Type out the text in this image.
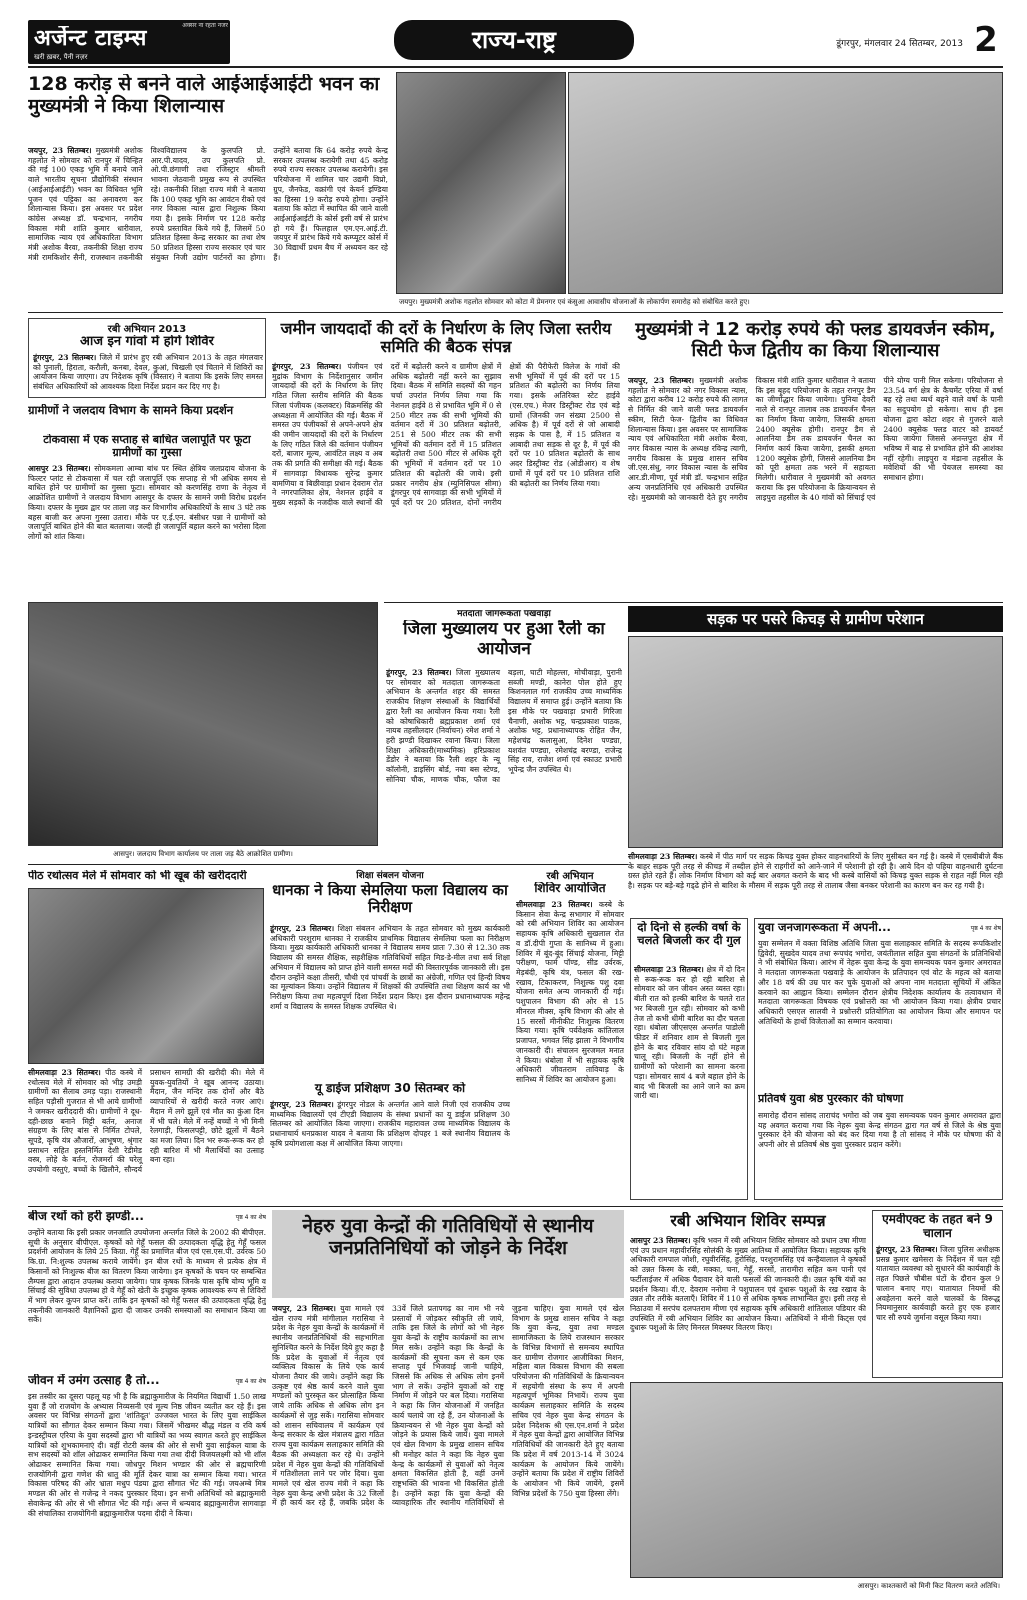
अक्सर ना रहता नजर
अर्जेन्ट टाइम्स
खरी ख़बर, पैनी नज़र
राज्य-राष्ट्र	डूंगरपुर, मंगलवार 24 सितम्बर, 2013 2
128 करोड़ से बनने वाले आईआईआईटी भवन का मुख्यमंत्री ने किया शिलान्यास
जयपुर, 23 सितम्बर। मुख्यमंत्री अशोक गहलोत ने सोमवार को रानपुर में चिन्हित की गई 100 एकड़ भूमि में बनाये जाने वाले भारतीय सूचना प्रौद्योगिकी संस्थान (आईआईआईटी) भवन का विधिवत भूमि पूजन एवं पट्टिका का अनावरण कर शिलान्यास किया। इस अवसर पर प्रदेश कांग्रेस अध्यक्ष डॉ. चन्द्रभान, नगरीय विकास मंत्री शांति कुमार धारीवाल, सामाजिक न्याय एवं अधिकारिता विभाग मंत्री अशोक बैरवा, तकनीकी शिक्षा राज्य मंत्री रामकिशोर सैनी, राजस्थान तकनीकी विश्वविद्यालय के कुलपति प्रो. आर.पी.यादव, उप कुलपति प्रो. ओ.पी.छंगाणी तथा रजिस्ट्रार श्रीमती भावना जेठवानी प्रमुख रूप से उपस्थित रहे। तकनीकी शिक्षा राज्य मंत्री ने बताया कि 100 एकड़ भूमि का आवंटन रीको एवं नगर विकास न्यास द्वारा निशुल्क किया गया है। इसके निर्माण पर 128 करोड़ रुपये प्रस्तावित किये गये हैं, जिसमें 50 प्रतिशत हिस्सा केन्द्र सरकार का तथा शेष 50 प्रतिशत हिस्सा राज्य सरकार एवं चार संयुक्त निजी उद्योग पार्टनरों का होगा। उन्होंने बताया कि 64 करोड़ रुपये केन्द्र सरकार उपलब्ध करायेगी तथा 45 करोड़ रुपये राज्य सरकार उपलब्ध करायेगी। इस परियोजना में शामिल चार उद्यमी विप्रो, ग्रुप, जैनफेड, वक्रांगी एवं केयर्न इण्डिया का हिस्सा 19 करोड़ रुपये होगा। उन्होंने बताया कि कोटा में स्थापित की जाने वाली आईआईआईटी के कोर्स इसी वर्ष से प्रारंभ हो गये हैं। फिलहाल एम.एन.आई.टी. जयपुर में प्रारंभ किये गये कम्प्यूटर कोर्स में 30 विद्यार्थी प्रथम बैच में अध्ययन कर रहे हैं।
जयपुर। मुख्यमंत्री अशोक गहलोत सोमवार को कोटा में प्रेमनगर एवं कंसुआ आवासीय योजनाओं के लोकार्पण समारोह को संबोधित करते हुए।
रबी अभियान 2013
आज इन गांवों में होगें शिविर
डूंगरपुर, 23 सितम्बर। जिले में प्रारंभ हुए रबी अभियान 2013 के तहत मंगलवार को पुनाली, हिराता, करौली, कनबा, देवल, कुआं, चिखली एवं चिताने में शिविरों का आयोजन किया जाएगा। उप निदेशक कृषि (विस्तार) ने बताया कि इसके लिए समस्त संबंधित अधिकारियों को आवश्यक दिशा निर्देश प्रदान कर दिए गए है।
ग्रामीणों ने जलदाय विभाग के सामने किया प्रदर्शन
टोकवासा में एक सप्ताह से बाधित जलापूर्ति पर फूटा ग्रामीणों का गुस्सा
आसपुर 23 सितम्बर। सोमकमला आम्बा बांध पर स्थित क्षेत्रिय जलप्रदाय योजना के फिल्टर प्लांट से टोकवासा में चल रही जलापूर्ति एक सप्ताह से भी अधिक समय से बाधित होने पर ग्रामीणों का गुस्सा फूटा। सोमवार को करणसिंह राणा के नेतृत्व में आक्रोशित ग्रामीणों ने जलदाय विभाग आसपुर के दफ्तर के सामने जमी विरोध प्रदर्शन किया। दफ्तर के मुख्य द्वार पर ताला जड़ कर विभागीय अधिकारियों के साथ 3 घंटे तक बहस बाजी कर अपना गुस्सा उतारा। मौके पर ए.ई.एन. बंसीधर पन्ना ने ग्रामीणों को जलापूर्ति बाधित होने की बात बतलाया। जल्दी ही जलापूर्ति बहाल करने का भरोसा दिला लोगों को शांत किया।
आसपुर। जलदाय विभाग कार्यालय पर ताला जड़ बैठे आक्रोशित ग्रामीण।
जमीन जायदादों की दरों के निर्धारण के लिए जिला स्तरीय समिति की बैठक संपन्न
डूंगरपुर, 23 सितम्बर। पंजीयन एवं मुद्रांक विभाग के निर्देशानुसार जमीन जायदादों की दरों के निर्धारण के लिए गठित जिला स्तरीय समिति की बैठक जिला पंजीयक (कलक्टर) विक्रमसिंह की अध्यक्षता में आयोजित की गई। बैठक में समस्त उप पंजीयकों से अपने-अपने क्षेत्र की जमीन जायदादों की दरों के निर्धारण के लिए गठित जिले की वर्तमान पंजीयन दरों, बाजार मूल्य, आवंटित लक्ष्य व अब तक की प्रगति की समीक्षा की गई। बैठक में सागवाड़ा विधायक सुरेन्द्र कुमार बामणिया व बिछीवाड़ा प्रधान देवराम रोत ने नगरपालिका क्षेत्र, नेशनल हाईवे व मुख्य सड़कों के नजदीक वाले स्थानों की दरों में बढ़ोतरी करने व ग्रामीण क्षेत्रों में अधिक बढ़ोतरी नहीं करने का सुझाव दिया। बैठक में समिति सदस्यों की गहन चर्चा उपरांत निर्णय लिया गया कि नेशनल हाईवे 8 से प्रभावित भूमि में 0 से 250 मीटर तक की सभी भूमियों की वर्तमान दरों में 30 प्रतिशत बढ़ोतरी, 251 से 500 मीटर तक की सभी भूमियों की वर्तमान दरों में 15 प्रतिशत बढ़ोतरी तथा 500 मीटर से अधिक दूरी की भूमियों में वर्तमान दरों पर 10 प्रतिशत की बढ़ोतरी की जाये। इसी प्रकार नगरीय क्षेत्र (म्युनिसिपल सीमा) डूंगरपुर एवं सागवाड़ा की सभी भूमियों में पूर्व दरों पर 20 प्रतिशत, दोनों नगरीय क्षेत्रों की पैरीफेरी विलेज के गांवों की सभी भूमियों में पूर्व की दरों पर 15 प्रतिशत की बढ़ोतरी का निर्णय लिया गया। इसके अतिरिक्त स्टेट हाईवे (एस.एच.) मेजर डिस्ट्रीक्ट रोड एवं बड़े ग्रामों (जिनकी जन संख्या 2500 से अधिक है) में पूर्व दरों से जो आबादी सड़क के पास है, में 15 प्रतिशत व आबादी तथा सड़क से दूर है, में पूर्व की दरों पर 10 प्रतिशत बढ़ोतरी के साथ अदर डिस्ट्रीक्ट रोड (ओडीआर) व शेष ग्रामों में पूर्व दरों पर 10 प्रतिशत राशि की बढ़ोतरी का निर्णय लिया गया।
मुख्यमंत्री ने 12 करोड़ रुपये की फ्लड डायवर्जन स्कीम, सिटी फेज द्वितीय का किया शिलान्यास
जयपुर, 23 सितम्बर। मुख्यमंत्री अशोक गहलोत ने सोमवार को नगर विकास न्यास, कोटा द्वारा करीब 12 करोड़ रुपये की लागत से निर्मित की जाने वाली फ्लड डायवर्जन स्कीम, सिटी फेज- द्वितीय का विधिवत शिलान्यास किया। इस अवसर पर सामाजिक न्याय एवं अधिकारिता मंत्री अशोक बैरवा, नगर विकास न्यास के अध्यक्ष रविन्द्र त्यागी, नगरीय विकास के प्रमुख शासन सचिव जी.एस.संधु, नगर विकास न्यास के सचिव आर.डी.मीणा, पूर्व मंत्री डॉ. चन्द्रभान सहित अन्य जनप्रतिनिधि एवं अधिकारी उपस्थित रहे। मुख्यमंत्री को जानकारी देते हुए नगरीय विकास मंत्री शांति कुमार धारीवाल ने बताया कि इस बृहद परियोजना के तहत रानपुर डैम का जीर्णोद्धार किया जायेगा। पुनिया देवरी नाले से रानपुर तालाब तक डायवर्जन चैनल का निर्माण किया जायेगा, जिसकी क्षमता 2400 क्यूसेक होगी। रानपुर डैम से आलनिया डैम तक डायवर्जन चैनल का निर्माण कार्य किया जायेगा, इसकी क्षमता 1200 क्यूसेक होगी, जिससे आलनिया डैम को पूरी क्षमता तक भरने में सहायता मिलेगी। धारीवाल ने मुख्यमंत्री को अवगत कराया कि इस परियोजना के क्रियान्वयन से लाइपुरा तहसील के 40 गांवों को सिंचाई एवं पीने योग्य पानी मिल सकेगा। परियोजना से 23.54 वर्ग क्षेत्र के कैचमेंट एरिया में वर्षा बह रहे तथा व्यर्थ बहने वाले वर्षा के पानी का सदुपयोग हो सकेगा। साथ ही इस योजना द्वारा कोटा शहर से गुजरने वाले 2400 क्यूसेक फ्लड वाटर को डायवर्ट किया जायेगा जिससे अनन्तपुरा क्षेत्र में भविष्य में बाढ़ से प्रभावित होने की आशंका नहीं रहेगी। लाइपुरा व मंडाना तहसील के मवेशियों की भी पेयजल समस्या का समाधान होगा।
मतदाता जागरूकता पखवाड़ा
जिला मुख्यालय पर हुआ रैली का आयोजन
डूंगरपुर, 23 सितम्बर। जिला मुख्यालय पर सोमवार को मतदाता जागरूकता अभियान के अन्तर्गत शहर की समस्त राजकीय शिक्षण संस्थाओं के विद्यार्थियों द्वारा रैली का आयोजन किया गया। रैली को कोषाधिकारी ब्रह्मप्रकाश शर्मा एवं नायब तहसीलदार (निर्वाचन) रमेश शर्मा ने हरी झण्डी दिखाकर रवाना किया। जिला शिक्षा अधिकारी(माध्यमिक) हरिप्रकाश डेंडोर ने बताया कि रैली शहर के न्यू कॉलोनी, डाइसिंग बोर्ड, नया बस स्टेण्ड, सोनिया चौक, माणक चौक, फौज का बड़ला, घाटी मोहल्ला, मोचीवाड़ा, पुरानी सब्जी मण्डी, कानेरा पोल होते हुए किशनलाल गर्ग राजकीय उच्च माध्यमिक विद्यालय में समाप्त हुई। उन्होंने बताया कि इस मौके पर पखवाड़ा प्रभारी गिरिजा चैनाणी, अशोक भट्ट, चन्द्रप्रकाश पाठक, अशोक भट्ट, प्रधानाध्यापक रोहित जैन, महेशचंद्र कलासुआ, दिनेश पण्ड्या, यशवंत पण्ड्या, रमेशचंद्र बरण्डा, राजेन्द्र सिंह राव, राजेश शर्मा एवं स्काउट प्रभारी भूपेन्द्र जैन उपस्थित थे।
सड़क पर पसरे किचड़ से ग्रामीण परेशान
सीमलवाड़ा 23 सितम्बर। कस्बे में पीठ मार्ग पर सड़क किचड़ युक्त होकर वाहनधारियों के लिए मुसीबत बन गई है। कस्बे में एसबीबीजे बैंक के बाहर सड़क पूरी तरह से कीचड़ में तब्दील होने से राहगीरों को आने-जाने में परेशानी हो रही है। आये दिन दो पहिया वाहनधारी दुर्घटना ग्रस्त होते रहते हैं। लोक निर्माण विभाग को कई बार अवगत कराने के बाद भी कस्बे वासियों को किचड़ युक्त सड़क से राहत नहीं मिल रही है। सड़क पर बड़े-बड़े गड्‌ढे होने से बारिश के मौसम में सड़क पूरी तरह से तालाब जैसा बनकर परेशानी का कारण बन कर रह गयी है।
पीठ रथोत्सव मेले में सोमवार को भी खूब की खरीददारी
सीमलवाड़ा 23 सितम्बर। पीठ कस्बे में रथोत्सव मेले में सोमवार को भीड़ उमड़ी ग्रामीणों का सैलाब उमड़ पड़ा। राजस्थानी सहित पड़ौसी गुजरात से भी आये ग्रामीणों ने जमकर खरीददारी की। ग्रामीणों ने दूध-दही-छाछ बनाने मिट्टी बर्तन, अनाज संग्रहण के लिए बांस से निर्मित टोपले, सूपडे, कृषि यंत्र औजारों, आभूषण, श्रृंगार प्रसाधन सहित हस्तनिर्मित देशी रेडीमेड वस्त्र, लोहे के बर्तन, रोजमर्रा की घरेलू उपयोगी वस्तुएं, बच्चों के खिलौने, सौन्दर्य प्रसाधन सामग्री की खरीदी की। मेले में युवक-युवतियों ने खूब आनन्द उठाया। मैदान, जैन मन्दिर तक दोनों और बैठे व्यापारियों से खरीदी करते नजर आएं। मैदान में लगे झूलें एवं मौत का कुंआ दिन में भी चले। मेले में नन्हें बच्चों ने भी मिनी रेलगाड़ी, फिसलपट्टी, छोटे झूलों में बैठने का मजा लिया। दिन भर रूक-रूक कर हो रही बारिश में भी मैलार्थियों का उत्साह बना रहा।
शिक्षा संबलन योजना
धानका ने किया सेमलिया फला विद्यालय का निरीक्षण
डूंगरपुर, 23 सितम्बर। शिक्षा संबलन अभियान के तहत सोमवार को मुख्य कार्यकारी अधिकारी परशुराम धानका ने राजकीय प्राथमिक विद्यालय सेमलिया फला का निरीक्षण किया। मुख्य कार्यकारी अधिकारी धानका ने विद्यालय समय प्रातः 7.30 से 12.30 तक विद्यालय की समस्त शैक्षिक, सहशैक्षिक गतिविधियों सहित मिड-डे-मील तथा सर्व शिक्षा अभियान में विद्यालय को प्राप्त होने वाली समस्त मदों की विस्तारपूर्वक जानकारी ली। इस दौरान उन्होंने कक्षा तीसरी, चौथी एवं पांचवीं के छात्रों का अंग्रेजी, गणित एवं हिन्दी विषय का मूल्यांकन किया। उन्होंने विद्यालय में शिक्षकों की उपस्थिति तथा शिक्षण कार्य का भी निरीक्षण किया तथा महत्वपूर्ण दिशा निर्देश प्रदान किए। इस दौरान प्रधानाध्यापक महेन्द्र शर्मा व विद्यालय के समस्त शिक्षक उपस्थित थे।
यू डाईज प्रशिक्षण 30 सितम्बर को
डूंगरपुर, 23 सितम्बर। डूंगरपुर नोडल के अन्तर्गत आने वाले निजी एवं राजकीय उच्च माध्यमिक विद्यालयों एवं टीएडी विद्यालय के संस्था प्रधानों का यू डाईज प्रशिक्षण 30 सितम्बर को आयोजित किया जाएगा। राजकीय महारावल उच्च माध्यमिक विद्यालय के प्रधानाचार्य धनप्रकाश यादव ने बताया कि प्रशिक्षण दोपहर 1 बजे स्थानीय विद्यालय के कृषि प्रयोगशाला कक्ष में आयोजित किया जाएगा।
रबी अभियान
शिविर आयोजित
सीमलवाड़ा 23 सितम्बर। कस्बे के किसान सेवा केन्द्र सभागार में सोमवार को रबी अभियान शिविर का आयोजन सहायक कृषि अधिकारी सुखलाल रोत व डॉ.दीपी गुप्ता के सानिध्य में हुआ। शिविर में बूंद-बूंद सिंचाई योजना, मिट्टी परीक्षण, फार्म पॉण्ड, सीड उर्वरक, मेड़बंदी, कृषि यंत्र, फसल की रख-रखाव, टिकाकरण, निशुल्क पशु दवा योजना समेत अन्य जानकारी दी गई। पशुपालन विभाग की ओर से 15 मीनरल मीक्स, कृषि विभाग की ओर से 15 सरसों मीनीकीट निःशुल्क वितरण किया गया। कृषि पर्यवेक्षक कांतिलाल प्रजापत, भगवत सिंह झाला ने विभागीय जानकारी दी। संचालन सुरजमल मनात ने किया। धंबोला में भी सहायक कृषि अधिकारी जीवतराम तावियाड़ के सानिध्य में शिविर का आयोजन हुआ।
दो दिनो से हल्की वर्षा के चलते बिजली कर दी गुल
सीमलवाड़ा 23 सितम्बर। क्षेत्र में दो दिन से रूक-रूक कर हो रही बारिश से सोमवार को जन जीवन अस्त व्यस्त रहा। बीती रात को हल्की बारिश के चलते रात भर बिजली गुल रही। सोमवार को कभी तेज तो कभी धीमी बारिश का दौर चलता रहा। धंबोला जीएसएस अन्तर्गत पाडोली फीडर में शनिवार शाम से बिजली गुल होने के बाद रविवार सांय दो घंटे महज चालू रही। बिजली के नहीं होने से ग्रामीणों को परेशानी का सामना करना पड़ा। सोमवार सायं 4 बजे बहाल होने के बाद भी बिजली का आने जाने का क्रम जारी था।
युवा जनजागरूकता में अपनी...	पृष्ठ 4 का शेष
युवा सम्मेलन में वक्ता विशिष्ठ अतिथि जिला युवा सलाहकार समिति के सदस्य रूपकिशोर द्विवेदी, सुखदेव यादव तथा रूपचंद भगोरा, जयंतीलाल सहित युवा संगठनों के प्रतिनिधियों ने भी संबोधित किया। आरंभ में नेहरू युवा केन्द्र के युवा समन्वयक पवन कुमार अमरावत ने मतदाता जागरूकता पखवाड़े के आयोजन के प्रतिपादन एवं वोट के महत्व को बताया और 18 वर्ष की उम्र पार कर चुके युवाओं को अपना नाम मतदाता सूचियों में अंकित करवाने का आह्वान किया। सम्मेलन दौरान क्षेत्रीय निदेशक कार्यालय के तत्वावधान में मतदाता जागरूकता विषयक एवं प्रश्नोत्तरी का भी आयोजन किया गया। क्षेत्रीय प्रचार अधिकारी एसएल सालवी ने प्रश्नोत्तरी प्रतियोगिता का आयोजन किया और समापन पर अतिथियों के हाथों विजेताओं का सम्मान करवाया।
प्रतिवर्ष युवा श्रेष्ठ पुरस्कार की घोषणा
समारोह दौरान सांसद ताराचंद भगोरा को जब युवा समन्वयक पवन कुमार अमरावत द्वारा यह अवगत कराया गया कि नेहरू युवा केन्द्र संगठन द्वारा गत वर्ष से जिले के श्रेष्ठ युवा पुरस्कार देने की योजना को बंद कर दिया गया है तो सांसद ने मौके पर घोषणा की वे अपनी ओर से प्रतिवर्ष श्रेष्ठ युवा पुरस्कार प्रदान करेंगे।
बीज रथों को हरी झण्डी...	पृष्ठ 4 का शेष
उन्होंने बताया कि इसी प्रकार जनजाति उपयोजना अन्तर्गत जिले के 2002 की बीपीएल. सूची के अनुसार बीपीएल. कृषकों को गेहूँ फसल की उत्पादकता वृद्धि हेतु गेहूँ फसल प्रदर्शनी आयोजन के लिये 25 किग्रा. गेहूँ का प्रमाणित बीज एवं एस.एस.पी. उर्वरक 50 कि.ग्रा. नि:शुल्क उपलब्ध कराये जायेंगे। इन बीज रथों के माध्यम से प्रत्येक क्षेत्र में किसानों को निःशुल्क बीज का वितरण किया जायेगा। इन कृषकों के चयन पर सम्बन्धित लैम्पस द्वारा आदान उपलब्ध कराया जायेगा। पात्र कृषक जिनके पास कृषि योग्य भूमि व सिंचाई की सुविधा उपलब्ध हो वे गेहूँ को खेती के इच्छुक कृषक आवश्यक रूप से शिविरों में भाग लेकर कूपन प्राप्त करें। ताकि इन कृषकों को गेहूँ फसल की उत्पादकता वृद्धि हेतु तकनीकी जानकारी वैज्ञानिकों द्वारा दी जाकर उनकी समस्याओं का समाधान किया जा सकें।
जीवन में उमंग उत्साह है तो...	पृष्ठ 4 का शेष
इस तस्वीर का दूसरा पहलू यह भी है कि ब्रह्माकुमारीज के नियमित विद्यार्थी 1.50 लाख युवा हैं जो राजयोग के अभ्यास निव्यसनी एवं मूल्य निष्ठ जीवन व्यतीत कर रहे हैं। इस अवसर पर विभिन्न संगठनों द्वारा 'शांतिदूत' उज्जवल भारत के लिए युवा साईकिल यात्रियों का सौगात देकर सम्मान किया गया। जिसमें भीखमर बौद्ध मंडल व रवि कर्ष इन्डस्ट्रीयल एरिया के युवा सदस्यों द्वारा भी यात्रियों का भव्य स्वागत करते हुए साईकिल यात्रियों को शुभकामनाएं दी। वहीं रोटरी क्लब की ओर से सभी युवा साईकल यात्रा के सभ सदस्यों को शॉल ओढाकर सम्मानित किया गया तथा दीदी विजयलक्ष्मी को भी शॉल ओढाकर सम्मानित किया गया। जोधपुर मिशन भण्डार की ओर से ब्रह्मचारिणी राजयोगिनी द्वारा गणेश की धातु की मूर्ति देकर यात्रा का सम्मान किया गया। भारत विकास परिषद की ओर भ्राता मधुप पंडया द्वारा सौगात भेंट की गई। जयअम्बे मित्र मण्डल की ओर से गजेन्द्र ने नकद पुरस्कार दिया। इन सभी अतिथियों को ब्रह्माकुमारी सेवाकेन्द्र की ओर से भी सौगात भेंट की गई। अन्त में धन्यवाद ब्रह्माकुमारीज सागवाड़ा की संचालिका राजयोगिनी ब्रह्माकुमारीज पदमा दीदी ने किया।
नेहरु युवा केन्द्रों की गतिविधियों से स्थानीय जनप्रतिनिधियों को जोड़ने के निर्देश
जयपुर, 23 सितम्बर। युवा मामले एवं खेल राज्य मंत्री मांगीलाल गरासिया ने प्रदेश के नेहरु युवा केन्द्रों के कार्यक्रमों में स्थानीय जनप्रतिनिधियों की सहभागिता सुनिश्चित करने के निर्देश दिये हुए कहा है कि प्रदेश के युवाओं में नेतृत्व एवं व्यक्तित्व विकास के लिये एक कार्य योजना तैयार की जाये। उन्होंने कहा कि उत्कृष्ट एवं श्रेष्ठ कार्य करने वाले युवा मण्डलों को पुरस्कृत कर प्रोत्साहित किया जाये ताकि अधिक से अधिक लोग इन कार्यक्रमों से जुड़ सकें। गरासिया सोमवार को शासन सचिवालय में कार्यक्रम एवं केन्द्र सरकार के खेल मंत्रालय द्वारा गठित राज्य युवा कार्यक्रम सलाहकार समिति की बैठक की अध्यक्षता कर रहे थे। उन्होंने प्रदेश में नेहरु युवा केन्द्रों की गतिविधियों में गतिशीलता लाने पर जोर दिया। युवा मामले एवं खेल राज्य मंत्री ने कहा कि नेहरु युवा केन्द्र अभी प्रदेश के 32 जिलों में ही कार्य कर रहे हैं, जबकि प्रदेश के 33वें जिले प्रतापगढ़ का नाम भी नये प्रस्तावों में जोड़कर स्वीकृति ली जाये, ताकि इस जिले के लोगों को भी नेहरु युवा केन्द्रों के राष्ट्रीय कार्यक्रमों का लाभ मिल सके। उन्होंने कहा कि केन्द्रों के कार्यक्रमों की सूचना कम से कम एक सप्ताह पूर्व भिजवाई जानी चाहिये, जिससे कि अधिक से अधिक लोग इनमें भाग ले सकें। उन्होंने युवाओं को राष्ट्र निर्माण में जोड़ने पर बल दिया। गरासिया ने कहा कि जिन योजनाओं में जनहित कार्य चलाये जा रहे हैं, उन योजनाओं के क्रियान्वयन से भी नेहरु युवा केन्द्रों को जोड़ने के प्रयास किये जायें। युवा मामले एवं खेल विभाग के प्रमुख शासन सचिव श्री मनोहर कांत ने कहा कि नेहरु युवा केन्द्र के कार्यक्रमों से युवाओं को नेतृत्व क्षमता विकसित होती है, वहीं उनमें राष्ट्रभक्ति की भावना भी विकसित होती है। उन्होंने कहा कि युवा केन्द्रों की व्यावहारिक तौर स्थानीय गतिविधियों से जुड़ना चाहिए। युवा मामले एवं खेल विभाग के प्रमुख शासन सचिव ने कहा कि युवा केन्द्र, युवा तथा मण्डल सामाजिकता के लिये राजस्थान सरकार के विभिन्न विभागों से समन्वय स्थापित कर ग्रामीण रोजगार आजीविका मिशन, महिला बाल विकास विभाग की सबला परियोजना की गतिविधियों के क्रियान्वयन में सहयोगी संस्था के रूप में अपनी महत्वपूर्ण भूमिका निभायें। राज्य युवा कार्यक्रम सलाहकार समिति के सदस्य सचिव एवं नेहरु युवा केन्द्र संगठन के प्रदेश निदेशक श्री एस.एन.शर्मा ने प्रदेश में नेहरु युवा केन्द्रों द्वारा आयोजित विभिन्न गतिविधियों की जानकारी देते हुए बताया कि प्रदेश में वर्ष 2013-14 में 3024 कार्यक्रम के आयोजन किये जायेंगे। उन्होंने बताया कि प्रदेश में राष्ट्रीय शिविरों के आयोजन भी किये जायेंगे, इसमें विभिन्न प्रदेशों के 750 युवा हिस्सा लेंगे।
रबी अभियान शिविर सम्पन्न
आसपुर 23 सितम्बर। कृषि भवन में रबी अभियान शिविर सोमवार को प्रधान उषा मीणा एवं उप प्रधान महावीरसिंह सोलंकी के मुख्य आतिथ्य में आयोजित किया। सहायक कृषि अधिकारी रामपाल जोशी, रघुवीरसिंह, हुरोसिंह, परशुरामसिंह एवं कन्हैयालाल ने कृषकों को उन्नत किस्म के रबी, मक्का, चना, गेहूँ, सरसों, तारामीरा सहित कम पानी एवं फर्टीलाईजर में अधिक पैदावार देने वाली फसलों की जानकारी दी। उन्नत कृषि यंत्रों का प्रदर्शन किया। वी.ए. देवराम ननोमा ने पशुपालन एवं दुधारू पशुओं के रख रखाव के उन्नत तौर तरीके बतलाएँ। शिविर में 110 से अधिक कृषक लाभान्वित हुए। इसी तरह से निठाउवा में सरपंच दलपतराम मीणा एवं सहायक कृषि अधिकारी शांतिलाल पडियार की उपस्थिति में रबी अभियान शिविर का आयोजन किया। अतिथियों ने मीनी किट्स एवं दुधारू पशुओं के लिए मिनरल मिक्स्चर वितरण किए।
एमवीएक्ट के तहत बने 9 चालान
डूंगरपुर, 23 सितम्बर। जिला पुलिस अधीक्षक प्रसन्न कुमार खमेसरा के निर्देशन में चल रही यातायात व्यवस्था को सुधारने की कार्यवाही के तहत पिछले चौबीस घंटों के दौरान कुल 9 चालान बनाए गए। यातायात नियमों की अवहेलना करने वाले चालकों के विरूद्ध नियमानुसार कार्यवाही करते हुए एक हजार चार सौ रुपये जुर्माना वसूल किया गया।
आसपुर। काश्तकारों को मिनी किट वितरण करते अतिथि।
